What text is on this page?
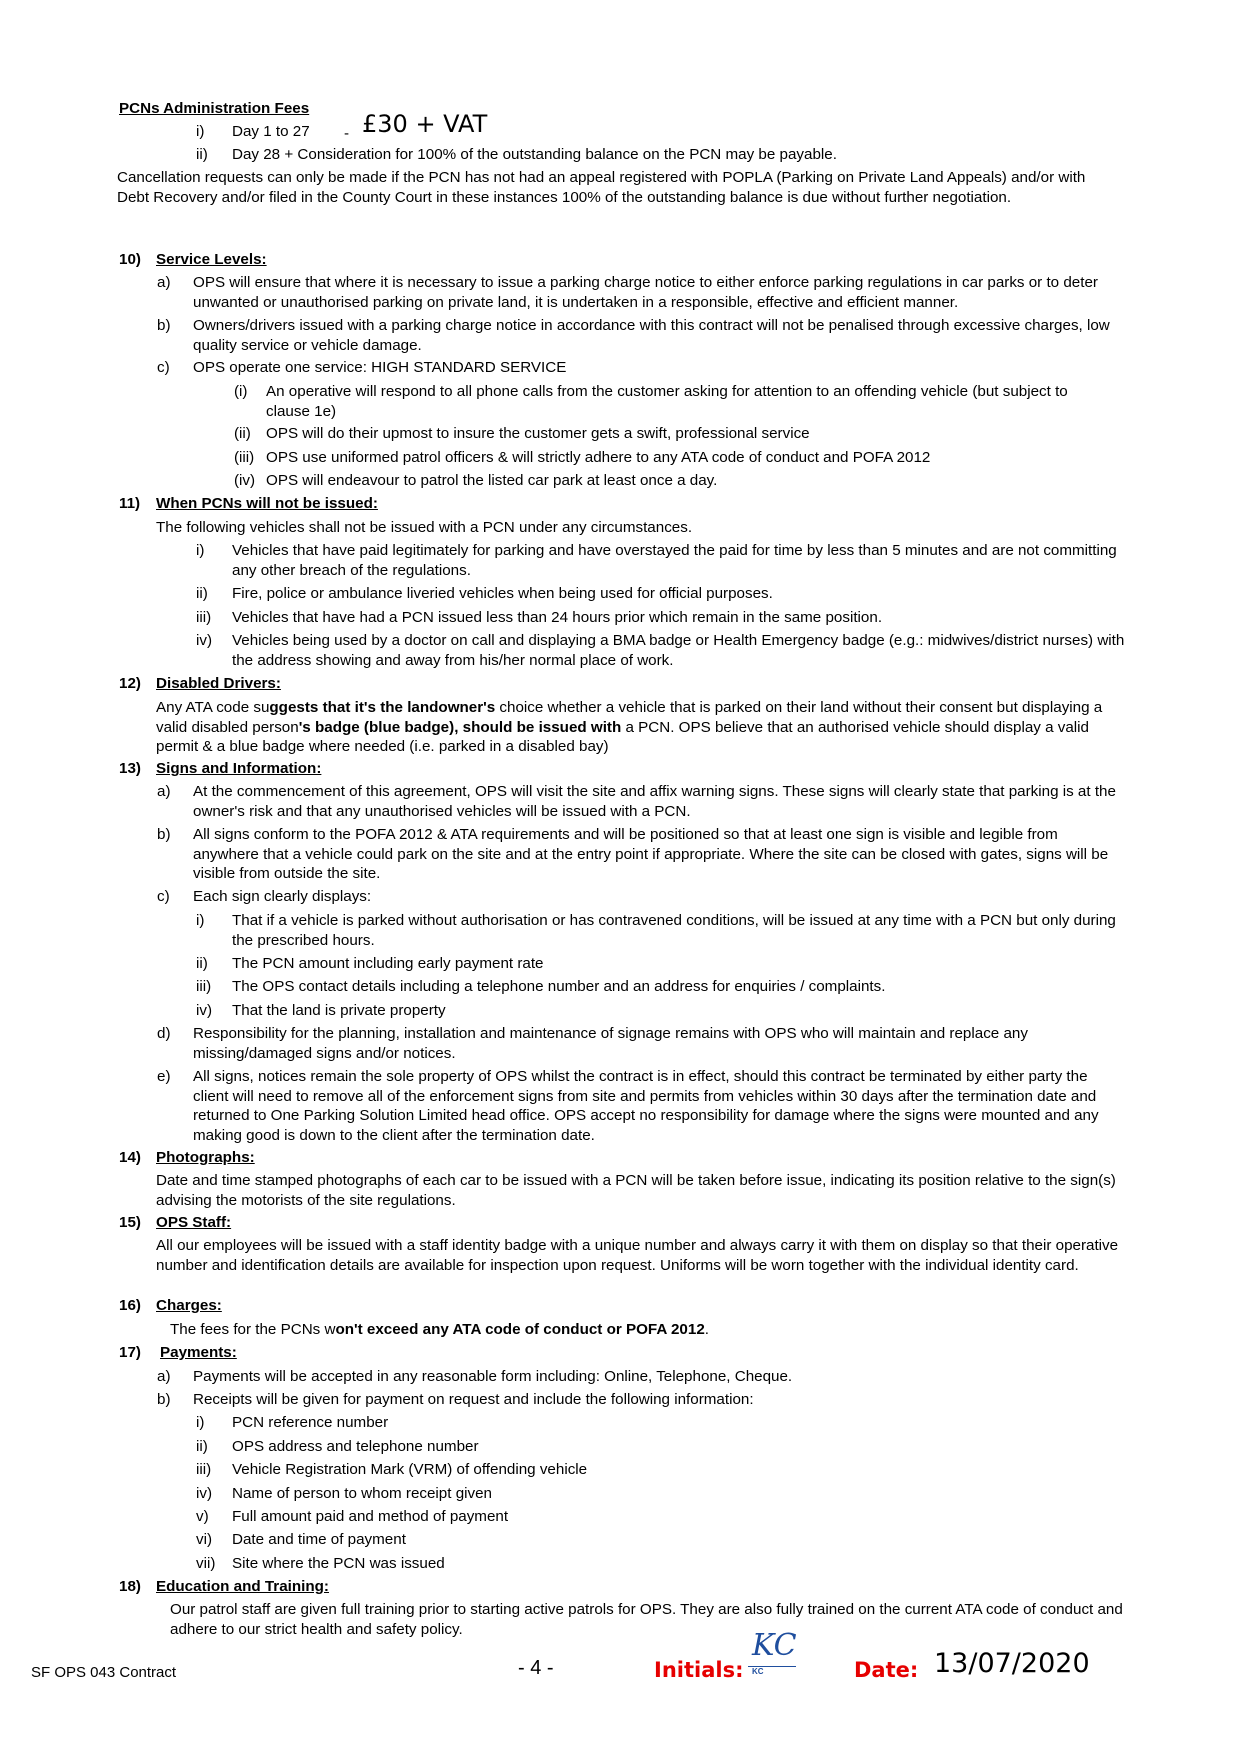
PCNs Administration Fees
i) Day 1 to 27 - £30 + VAT
ii) Day 28 + Consideration for 100% of the outstanding balance on the PCN may be payable.
Cancellation requests can only be made if the PCN has not had an appeal registered with POPLA (Parking on Private Land Appeals) and/or with Debt Recovery and/or filed in the County Court in these instances 100% of the outstanding balance is due without further negotiation.
10) Service Levels:
a) OPS will ensure that where it is necessary to issue a parking charge notice to either enforce parking regulations in car parks or to deter unwanted or unauthorised parking on private land, it is undertaken in a responsible, effective and efficient manner.
b) Owners/drivers issued with a parking charge notice in accordance with this contract will not be penalised through excessive charges, low quality service or vehicle damage.
c) OPS operate one service: HIGH STANDARD SERVICE
(i) An operative will respond to all phone calls from the customer asking for attention to an offending vehicle (but subject to clause 1e)
(ii) OPS will do their upmost to insure the customer gets a swift, professional service
(iii) OPS use uniformed patrol officers & will strictly adhere to any ATA code of conduct and POFA 2012
(iv) OPS will endeavour to patrol the listed car park at least once a day.
11) When PCNs will not be issued:
The following vehicles shall not be issued with a PCN under any circumstances.
i) Vehicles that have paid legitimately for parking and have overstayed the paid for time by less than 5 minutes and are not committing any other breach of the regulations.
ii) Fire, police or ambulance liveried vehicles when being used for official purposes.
iii) Vehicles that have had a PCN issued less than 24 hours prior which remain in the same position.
iv) Vehicles being used by a doctor on call and displaying a BMA badge or Health Emergency badge (e.g.: midwives/district nurses) with the address showing and away from his/her normal place of work.
12) Disabled Drivers:
Any ATA code suggests that it's the landowner's choice whether a vehicle that is parked on their land without their consent but displaying a valid disabled person's badge (blue badge), should be issued with a PCN. OPS believe that an authorised vehicle should display a valid permit & a blue badge where needed (i.e. parked in a disabled bay)
13) Signs and Information:
a) At the commencement of this agreement, OPS will visit the site and affix warning signs. These signs will clearly state that parking is at the owner's risk and that any unauthorised vehicles will be issued with a PCN.
b) All signs conform to the POFA 2012 & ATA requirements and will be positioned so that at least one sign is visible and legible from anywhere that a vehicle could park on the site and at the entry point if appropriate. Where the site can be closed with gates, signs will be visible from outside the site.
c) Each sign clearly displays:
i) That if a vehicle is parked without authorisation or has contravened conditions, will be issued at any time with a PCN but only during the prescribed hours.
ii) The PCN amount including early payment rate
iii) The OPS contact details including a telephone number and an address for enquiries / complaints.
iv) That the land is private property
d) Responsibility for the planning, installation and maintenance of signage remains with OPS who will maintain and replace any missing/damaged signs and/or notices.
e) All signs, notices remain the sole property of OPS whilst the contract is in effect, should this contract be terminated by either party the client will need to remove all of the enforcement signs from site and permits from vehicles within 30 days after the termination date and returned to One Parking Solution Limited head office. OPS accept no responsibility for damage where the signs were mounted and any making good is down to the client after the termination date.
14) Photographs:
Date and time stamped photographs of each car to be issued with a PCN will be taken before issue, indicating its position relative to the sign(s) advising the motorists of the site regulations.
15) OPS Staff:
All our employees will be issued with a staff identity badge with a unique number and always carry it with them on display so that their operative number and identification details are available for inspection upon request. Uniforms will be worn together with the individual identity card.
16) Charges:
The fees for the PCNs won't exceed any ATA code of conduct or POFA 2012.
17) Payments:
a) Payments will be accepted in any reasonable form including: Online, Telephone, Cheque.
b) Receipts will be given for payment on request and include the following information:
i) PCN reference number
ii) OPS address and telephone number
iii) Vehicle Registration Mark (VRM) of offending vehicle
iv) Name of person to whom receipt given
v) Full amount paid and method of payment
vi) Date and time of payment
vii) Site where the PCN was issued
18) Education and Training:
Our patrol staff are given full training prior to starting active patrols for OPS. They are also fully trained on the current ATA code of conduct and adhere to our strict health and safety policy.
SF OPS 043 Contract	- 4 -	Initials:
KC
KC	Date: 13/07/2020
